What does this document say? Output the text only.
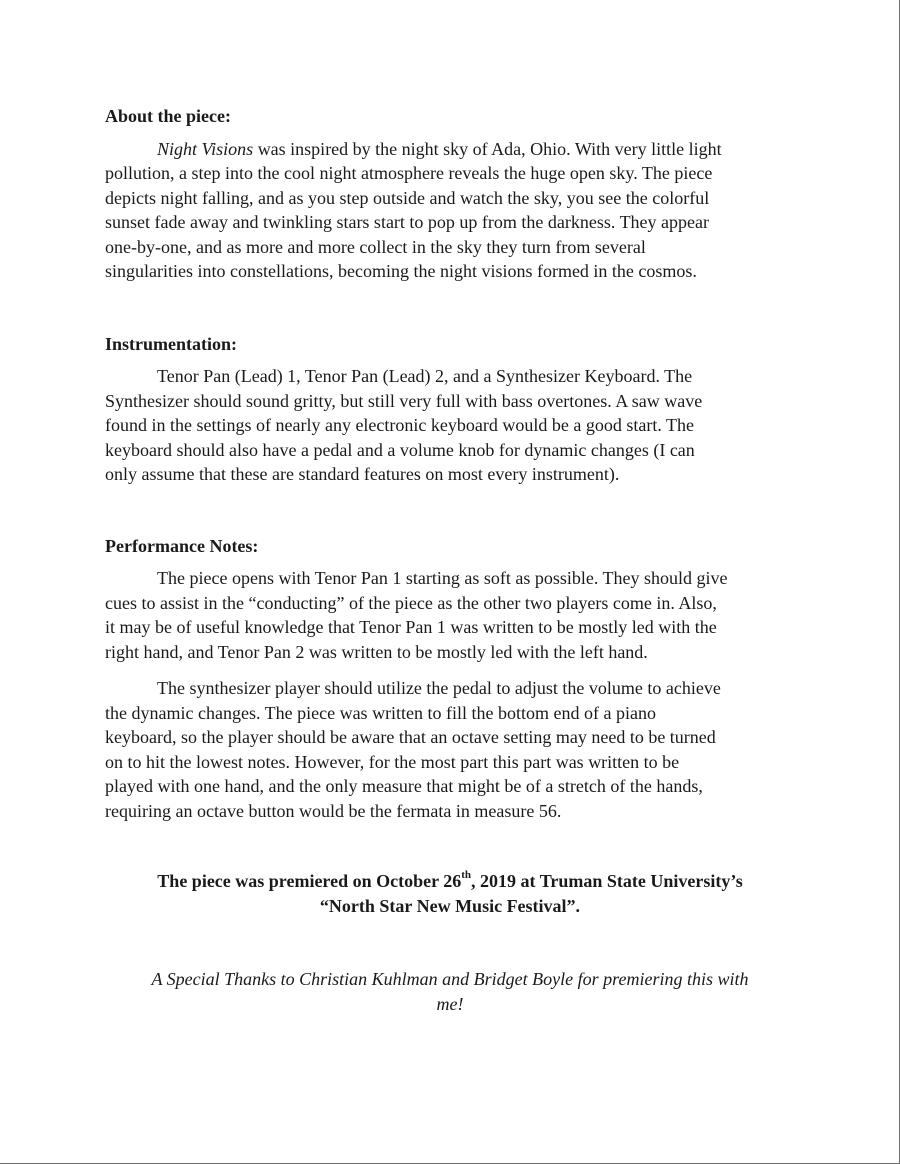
About the piece:

Night Visions was inspired by the night sky of Ada, Ohio. With very little light
pollution, a step into the cool night atmosphere reveals the huge open sky. The piece
depicts night falling, and as you step outside and watch the sky, you see the colorful
sunset fade away and twinkling stars start to pop up from the darkness. They appear
one-by-one, and as more and more collect in the sky they turn from several
singularities into constellations, becoming the night visions formed in the cosmos.

Instrumentation:

Tenor Pan (Lead) 1, Tenor Pan (Lead) 2, and a Synthesizer Keyboard. The
Synthesizer should sound gritty, but still very full with bass overtones. A saw wave
found in the settings of nearly any electronic keyboard would be a good start. The
keyboard should also have a pedal and a volume knob for dynamic changes (I can
only assume that these are standard features on most every instrument).

Performance Notes:

The piece opens with Tenor Pan 1 starting as soft as possible. They should give
cues to assist in the “conducting” of the piece as the other two players come in. Also,
it may be of useful knowledge that Tenor Pan 1 was written to be mostly led with the
right hand, and Tenor Pan 2 was written to be mostly led with the left hand.

The synthesizer player should utilize the pedal to adjust the volume to achieve
the dynamic changes. The piece was written to fill the bottom end of a piano
keyboard, so the player should be aware that an octave setting may need to be turned
on to hit the lowest notes. However, for the most part this part was written to be
played with one hand, and the only measure that might be of a stretch of the hands,
requiring an octave button would be the fermata in measure 56.

The piece was premiered on October 26th, 2019 at Truman State University’s
“North Star New Music Festival”.
A Special Thanks to Christian Kuhlman and Bridget Boyle for premiering this with
me!
